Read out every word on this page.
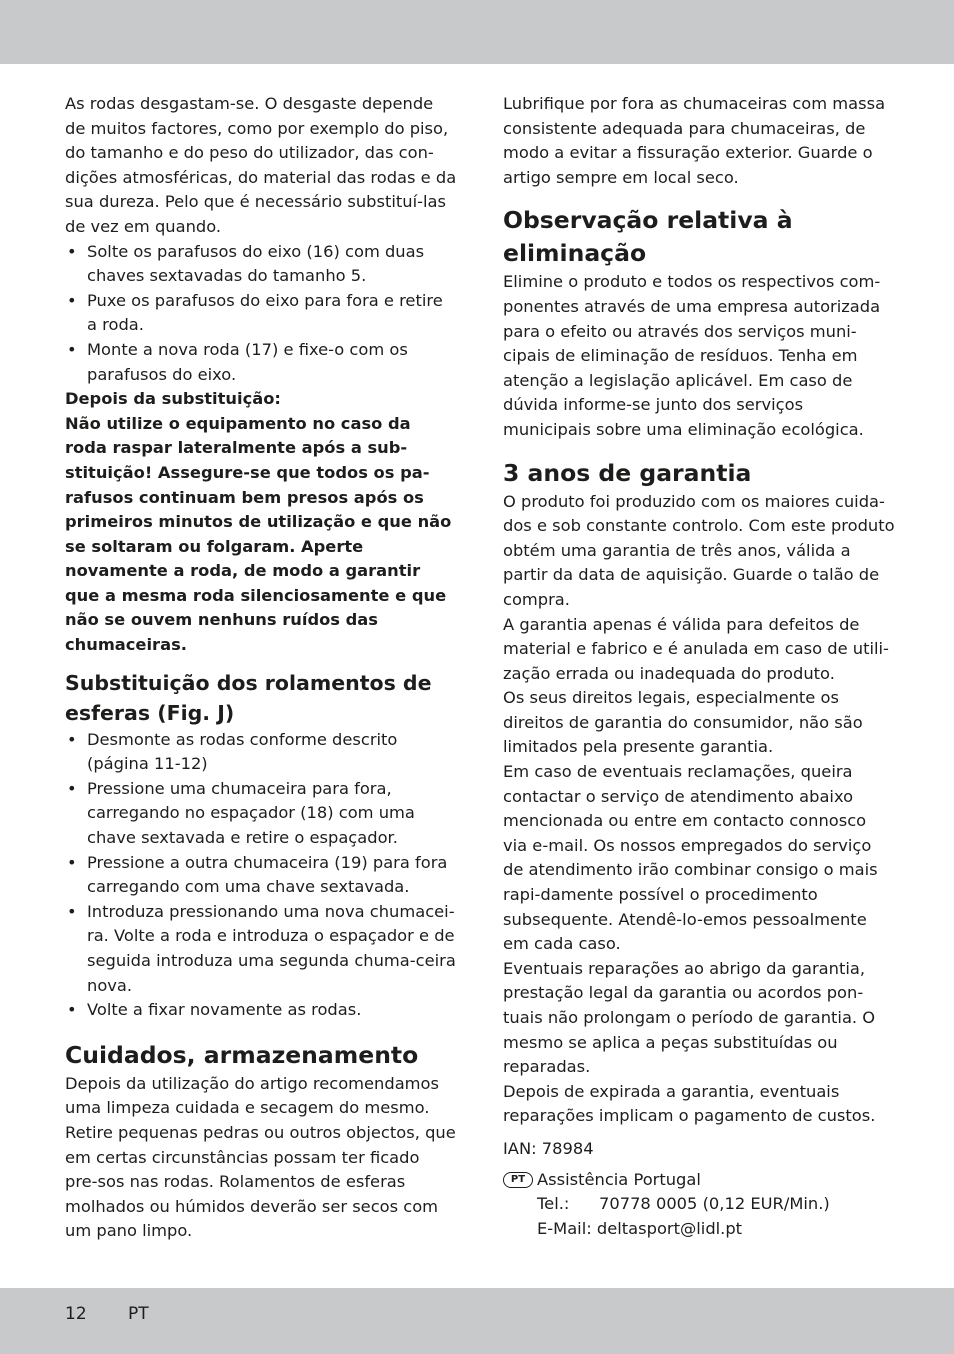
As rodas desgastam-se. O desgaste depende de muitos factores, como por exemplo do piso, do tamanho e do peso do utilizador, das con-dições atmosféricas, do material das rodas e da sua dureza. Pelo que é necessário substituí-las de vez em quando.

• Solte os parafusos do eixo (16) com duas chaves sextavadas do tamanho 5.
• Puxe os parafusos do eixo para fora e retire a roda.
• Monte a nova roda (17) e fixe-o com os parafusos do eixo.

Depois da substituição:

Não utilize o equipamento no caso da roda raspar lateralmente após a sub-stituição! Assegure-se que todos os pa-rafusos continuam bem presos após os primeiros minutos de utilização e que não se soltaram ou folgaram. Aperte novamente a roda, de modo a garantir que a mesma roda silenciosamente e que não se ouvem nenhuns ruídos das chumaceiras.

Substituição dos rolamentos de esferas (Fig. J)
• Desmonte as rodas conforme descrito (página 11-12)
• Pressione uma chumaceira para fora, carregando no espaçador (18) com uma chave sextavada e retire o espaçador.
• Pressione a outra chumaceira (19) para fora carregando com uma chave sextavada.
• Introduza pressionando uma nova chumacei-ra. Volte a roda e introduza o espaçador e de seguida introduza uma segunda chuma-ceira nova.
• Volte a fixar novamente as rodas.
Cuidados, armazenamento

Depois da utilização do artigo recomendamos uma limpeza cuidada e secagem do mesmo. Retire pequenas pedras ou outros objectos, que em certas circunstâncias possam ter ficado pre-sos nas rodas. Rolamentos de esferas molhados ou húmidos deverão ser secos com um pano limpo.

Lubrifique por fora as chumaceiras com massa consistente adequada para chumaceiras, de modo a evitar a fissuração exterior. Guarde o artigo sempre em local seco.

Observação relativa à eliminação

Elimine o produto e todos os respectivos com-ponentes através de uma empresa autorizada para o efeito ou através dos serviços muni-cipais de eliminação de resíduos. Tenha em atenção a legislação aplicável. Em caso de dúvida informe-se junto dos serviços municipais sobre uma eliminação ecológica.

3 anos de garantia

O produto foi produzido com os maiores cuida-dos e sob constante controlo. Com este produto obtém uma garantia de três anos, válida a partir da data de aquisição. Guarde o talão de compra.

A garantia apenas é válida para defeitos de material e fabrico e é anulada em caso de utili-zação errada ou inadequada do produto.

Os seus direitos legais, especialmente os direitos de garantia do consumidor, não são limitados pela presente garantia.

Em caso de eventuais reclamações, queira contactar o serviço de atendimento abaixo mencionada ou entre em contacto connosco via e-mail. Os nossos empregados do serviço de atendimento irão combinar consigo o mais rapi-damente possível o procedimento subsequente. Atendê-lo-emos pessoalmente em cada caso.

Eventuais reparações ao abrigo da garantia, prestação legal da garantia ou acordos pon-tuais não prolongam o período de garantia. O mesmo se aplica a peças substituídas ou reparadas.

Depois de expirada a garantia, eventuais reparações implicam o pagamento de custos.

IAN: 78984

PT Assistência Portugal
Tel.:	70778 0005 (0,12 EUR/Min.)
E-Mail: deltasport@lidl.pt
12 PT
